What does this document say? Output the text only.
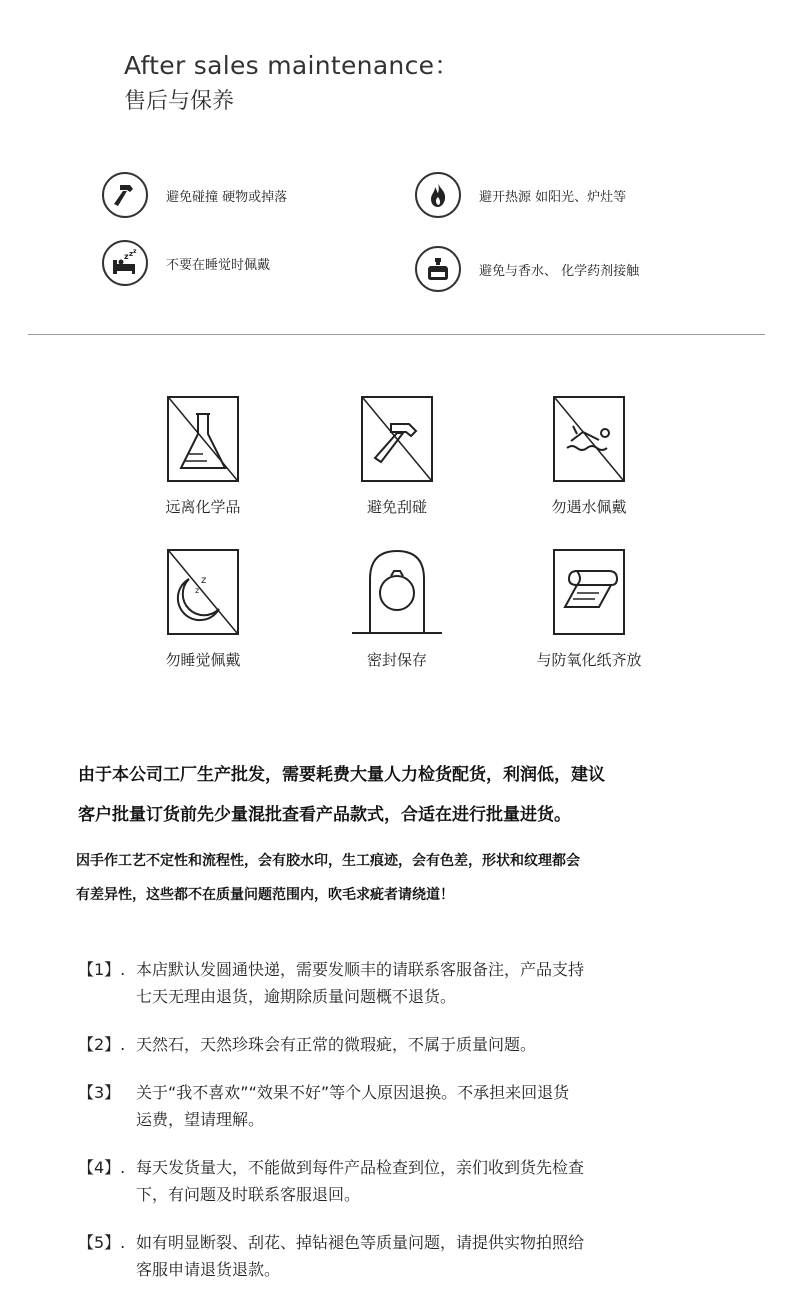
After sales maintenance：
售后与保养
避免碰撞 硬物或掉落	避开热源 如阳光、炉灶等
z z z
不要在睡觉时佩戴	避免与香水、 化学药剂接触
远离化学品	避免刮碰	勿遇水佩戴
z
z
勿睡觉佩戴	密封保存	与防氧化纸齐放

由于本公司工厂生产批发，需要耗费大量人力检货配货，利润低，建议

客户批量订货前先少量混批查看产品款式，合适在进行批量进货。

因手作工艺不定性和流程性，会有胶水印，生工痕迹，会有色差，形状和纹理都会

有差异性，这些都不在质量问题范围内，吹毛求疵者请绕道！

【1】. 本店默认发圆通快递，需要发顺丰的请联系客服备注，产品支持
七天无理由退货，逾期除质量问题概不退货。
【2】. 天然石，天然珍珠会有正常的微瑕疵，不属于质量问题。
【3】 关于“我不喜欢”“效果不好”等个人原因退换。不承担来回退货
运费，望请理解。
【4】. 每天发货量大，不能做到每件产品检查到位，亲们收到货先检查
下，有问题及时联系客服退回。
【5】. 如有明显断裂、刮花、掉钻褪色等质量问题，请提供实物拍照给
客服申请退货退款。
